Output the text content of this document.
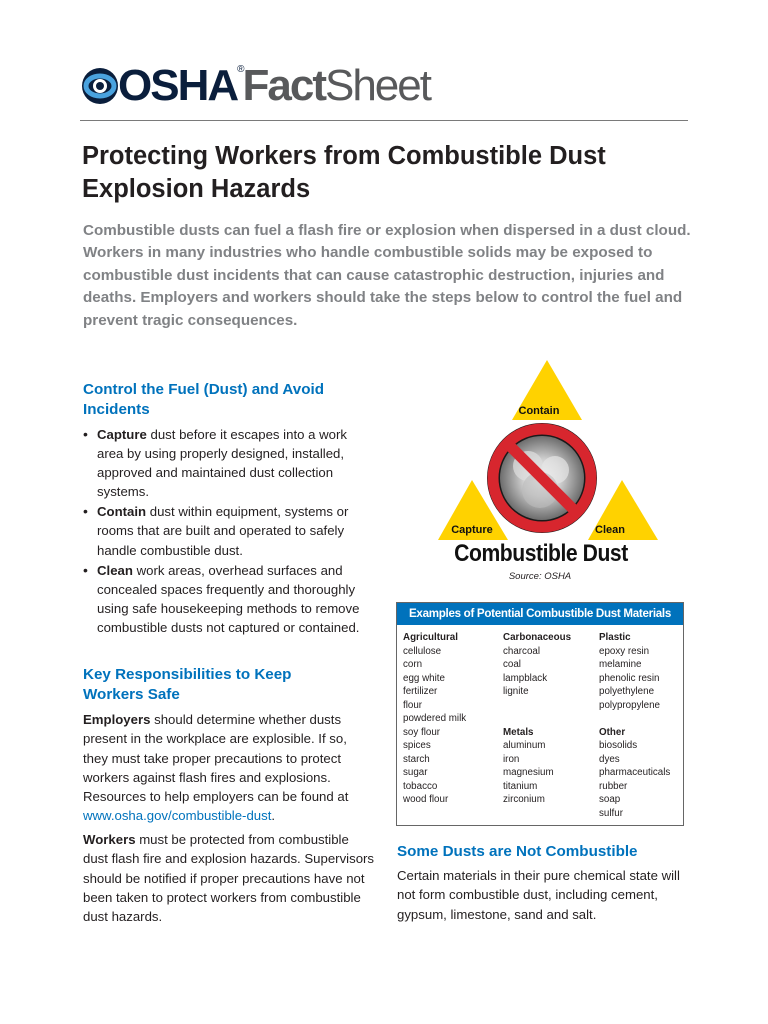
OSHA®FactSheet
Protecting Workers from Combustible Dust Explosion Hazards
Combustible dusts can fuel a flash fire or explosion when dispersed in a dust cloud. Workers in many industries who handle combustible solids may be exposed to combustible dust incidents that can cause catastrophic destruction, injuries and deaths. Employers and workers should take the steps below to control the fuel and prevent tragic consequences.
Control the Fuel (Dust) and Avoid Incidents
• Capture dust before it escapes into a work area by using properly designed, installed, approved and maintained dust collection systems.
• Contain dust within equipment, systems or rooms that are built and operated to safely handle combustible dust.
• Clean work areas, overhead surfaces and concealed spaces frequently and thoroughly using safe housekeeping methods to remove combustible dusts not captured or contained.
Key Responsibilities to Keep Workers Safe

Employers should determine whether dusts present in the workplace are explosible. If so, they must take proper precautions to protect workers against flash fires and explosions. Resources to help employers can be found at www.osha.gov/combustible-dust.

Workers must be protected from combustible dust flash fire and explosion hazards. Supervisors should be notified if proper precautions have not been taken to protect workers from combustible dust hazards.

Contain
Capture	Clean
Combustible Dust
Source: OSHA
Examples of Potential Combustible Dust Materials
Agricultural
cellulose
corn
egg white
fertilizer
flour
powdered milk
soy flour
spices
starch
sugar
tobacco
wood flour
Carbonaceous
charcoal
coal
lampblack
lignite

Metals
aluminum
iron
magnesium
titanium
zirconium
Plastic
epoxy resin
melamine
phenolic resin
polyethylene
polypropylene

Other
biosolids
dyes
pharmaceuticals
rubber
soap
sulfur
Some Dusts are Not Combustible

Certain materials in their pure chemical state will not form combustible dust, including cement, gypsum, limestone, sand and salt.
